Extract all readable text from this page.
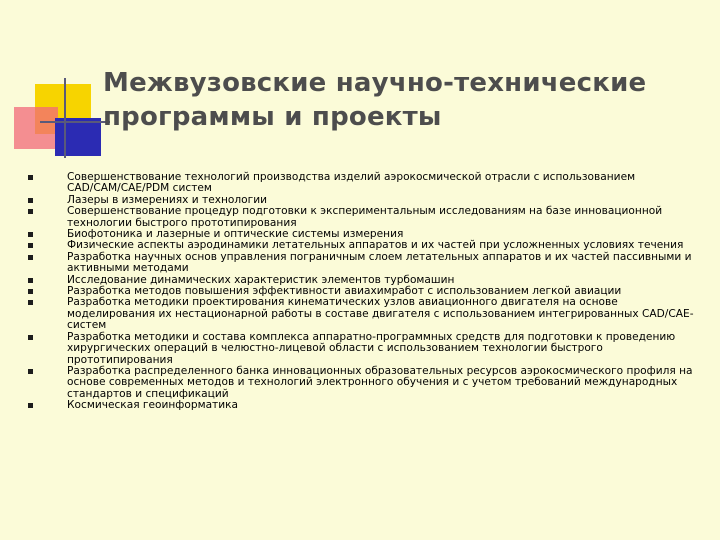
Межвузовские научно-технические
программы и проекты
Совершенствование технологий производства изделий аэрокосмической отрасли с использованием CAD/CAM/CAE/PDM систем
Лазеры в измерениях и технологии
Совершенствование процедур подготовки к экспериментальным исследованиям на базе инновационной технологии быстрого прототипирования
Биофотоника и лазерные и оптические системы измерения
Физические аспекты аэродинамики летательных аппаратов и их частей при усложненных условиях течения
Разработка научных основ управления пограничным слоем летательных аппаратов и их частей пассивными и активными методами
Исследование динамических характеристик элементов турбомашин
Разработка методов повышения эффективности авиахимработ с использованием легкой авиации
Разработка методики проектирования кинематических узлов авиационного двигателя на основе моделирования их нестационарной работы в составе двигателя с использованием интегрированных CAD/CAE-систем
Разработка методики и состава комплекса аппаратно-программных средств для подготовки к проведению хирургических операций в челюстно-лицевой области с использованием технологии быстрого прототипирования
Разработка распределенного банка инновационных образовательных ресурсов аэрокосмического профиля на основе современных методов и технологий электронного обучения и с учетом требований международных стандартов и спецификаций
Космическая геоинформатика
